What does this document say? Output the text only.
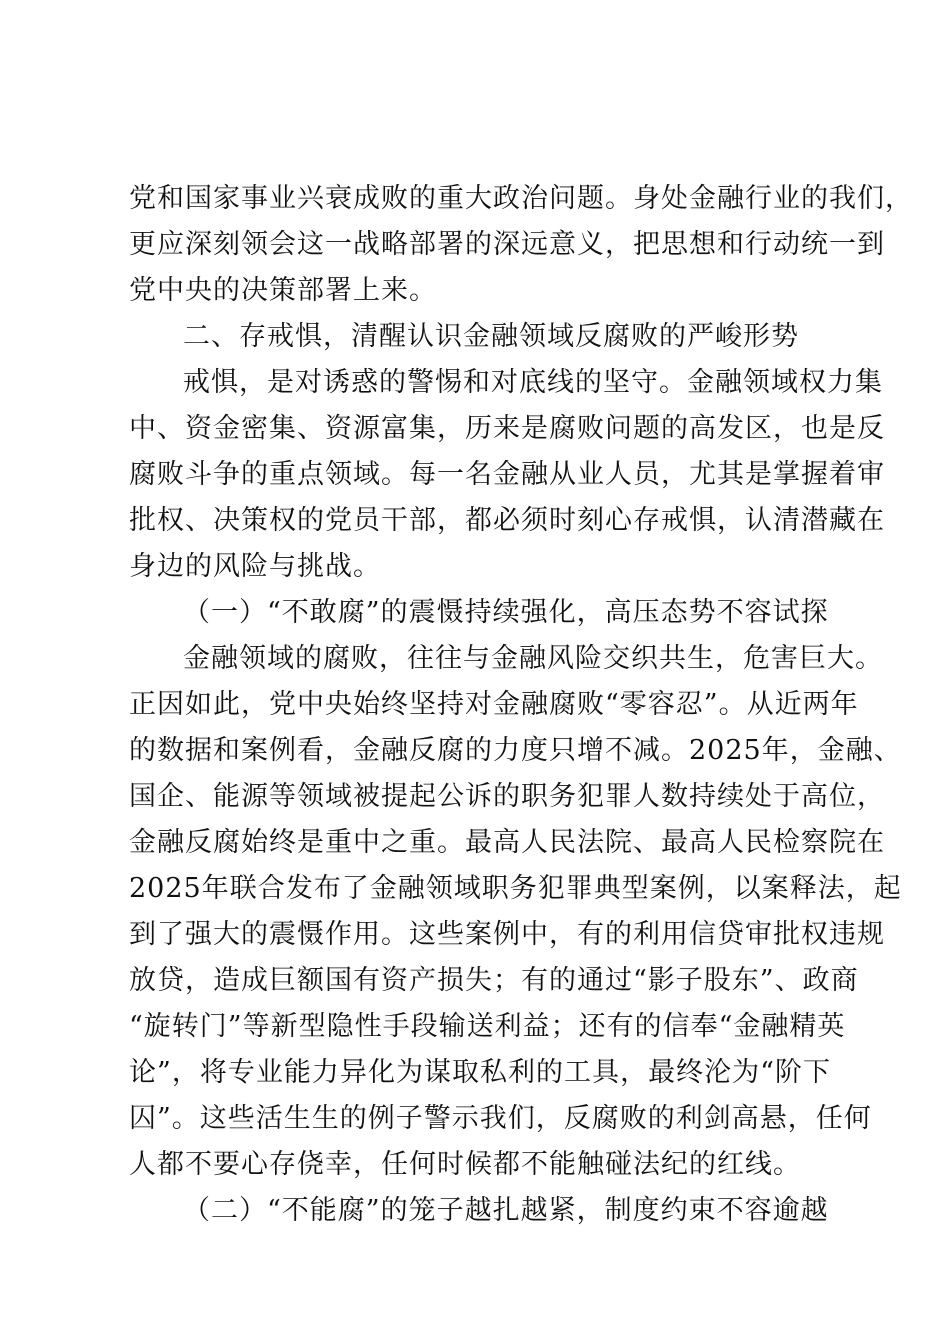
党和国家事业兴衰成败的重大政治问题。身处金融行业的我们，
更应深刻领会这一战略部署的深远意义，把思想和行动统一到
党中央的决策部署上来。
二、存戒惧，清醒认识金融领域反腐败的严峻形势
戒惧，是对诱惑的警惕和对底线的坚守。金融领域权力集
中、资金密集、资源富集，历来是腐败问题的高发区，也是反
腐败斗争的重点领域。每一名金融从业人员，尤其是掌握着审
批权、决策权的党员干部，都必须时刻心存戒惧，认清潜藏在
身边的风险与挑战。
（一）“不敢腐”的震慑持续强化，高压态势不容试探
金融领域的腐败，往往与金融风险交织共生，危害巨大。
正因如此，党中央始终坚持对金融腐败“零容忍”。从近两年
的数据和案例看，金融反腐的力度只增不减。2025年，金融、
国企、能源等领域被提起公诉的职务犯罪人数持续处于高位，
金融反腐始终是重中之重。最高人民法院、最高人民检察院在
2025年联合发布了金融领域职务犯罪典型案例，以案释法，起
到了强大的震慑作用。这些案例中，有的利用信贷审批权违规
放贷，造成巨额国有资产损失；有的通过“影子股东”、政商
“旋转门”等新型隐性手段输送利益；还有的信奉“金融精英
论”，将专业能力异化为谋取私利的工具，最终沦为“阶下
囚”。这些活生生的例子警示我们，反腐败的利剑高悬，任何
人都不要心存侥幸，任何时候都不能触碰法纪的红线。
（二）“不能腐”的笼子越扎越紧，制度约束不容逾越
